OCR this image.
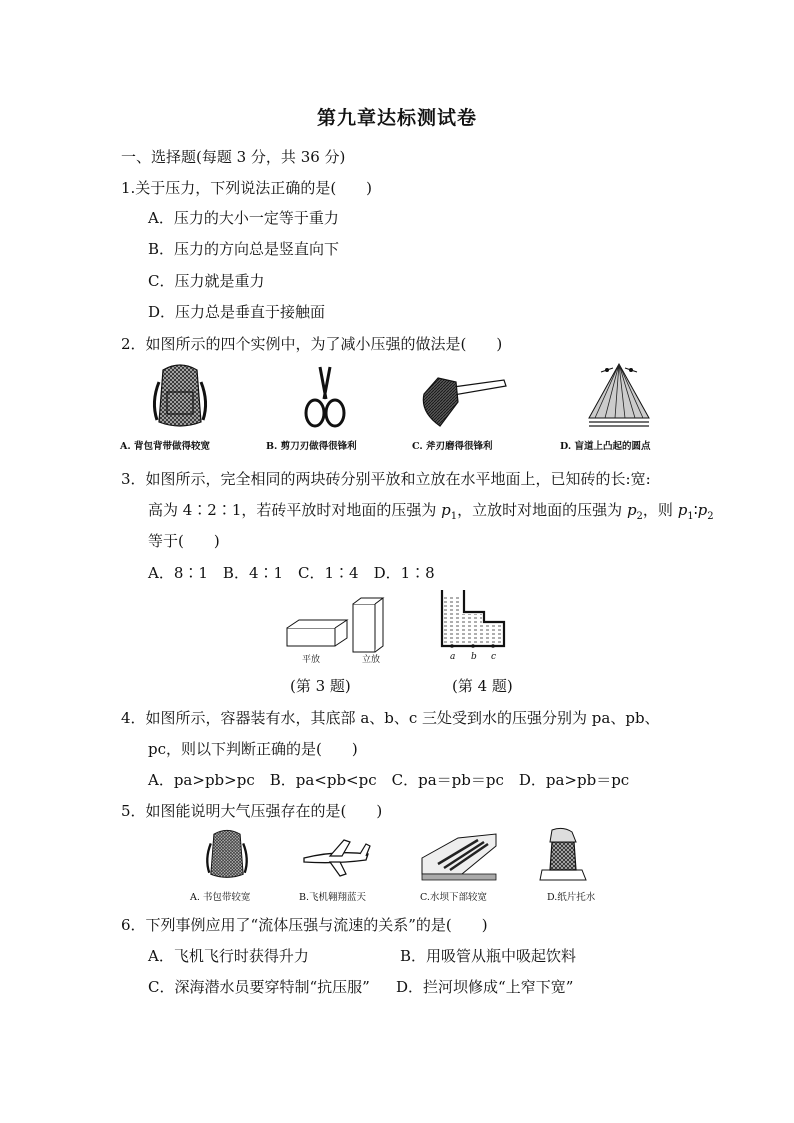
第九章达标测试卷
一、选择题(每题 3 分，共 36 分)
1.关于压力，下列说法正确的是(　　)
A．压力的大小一定等于重力
B．压力的方向总是竖直向下
C．压力就是重力
D．压力总是垂直于接触面
2．如图所示的四个实例中，为了减小压强的做法是(　　)
A. 背包背带做得较宽	B. 剪刀刃做得很锋利	C. 斧刃磨得很锋利	D. 盲道上凸起的圆点
3．如图所示，完全相同的两块砖分别平放和立放在水平地面上，已知砖的长:宽:
高为 4∶2∶1，若砖平放时对地面的压强为 $p_1$，立放时对地面的压强为 $p_2$，则 $p_1∶p_2$
等于(　　)
A．8∶1　B．4∶1　C．1∶4　D．1∶8
平放	立放	a b c
(第 3 题)	(第 4 题)
4．如图所示，容器装有水，其底部 a、b、c 三处受到水的压强分别为 pa、pb、
pc，则以下判断正确的是(　　)
A．pa>pb>pc　B．pa<pb<pc　C．pa＝pb＝pc　D．pa>pb＝pc
5．如图能说明大气压强存在的是(　　)
A. 书包带较宽	B.飞机翱翔蓝天	C.水坝下部较宽	D.纸片托水
6．下列事例应用了“流体压强与流速的关系”的是(　　)
A．飞机飞行时获得升力	B．用吸管从瓶中吸起饮料
C．深海潜水员要穿特制“抗压服” D．拦河坝修成“上窄下宽”
